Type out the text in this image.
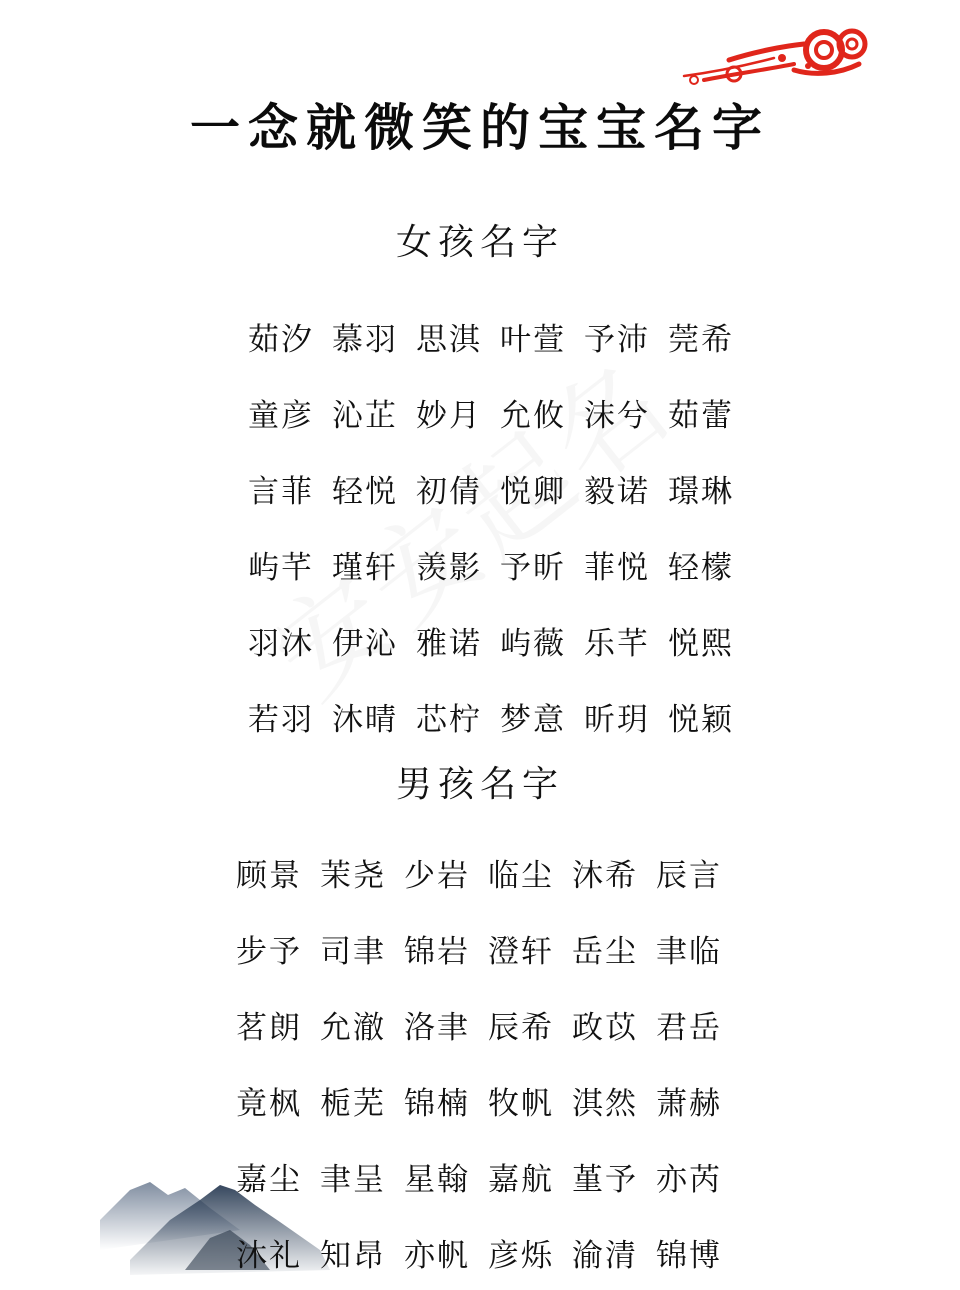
一念就微笑的宝宝名字
女孩名字
茹汐 慕羽 思淇 叶萱 予沛 莞希
童彦 沁芷 妙月 允攸 沫兮 茹蕾
言菲 轻悦 初倩 悦卿 毅诺 璟琳
屿芊 瑾轩 羡影 予昕 菲悦 轻檬
羽沐 伊沁 雅诺 屿薇 乐芊 悦熙
若羽 沐晴 芯柠 梦意 昕玥 悦颖
男孩名字
顾景 茉尧 少岩 临尘 沐希 辰言
步予 司聿 锦岩 澄轩 岳尘 聿临
茗朗 允澈 洛聿 辰希 政苡 君岳
竟枫 栀芜 锦楠 牧帆 淇然 萧赫
嘉尘 聿呈 星翰 嘉航 堇予 亦芮
沐礼 知昂 亦帆 彦烁 渝清 锦博
